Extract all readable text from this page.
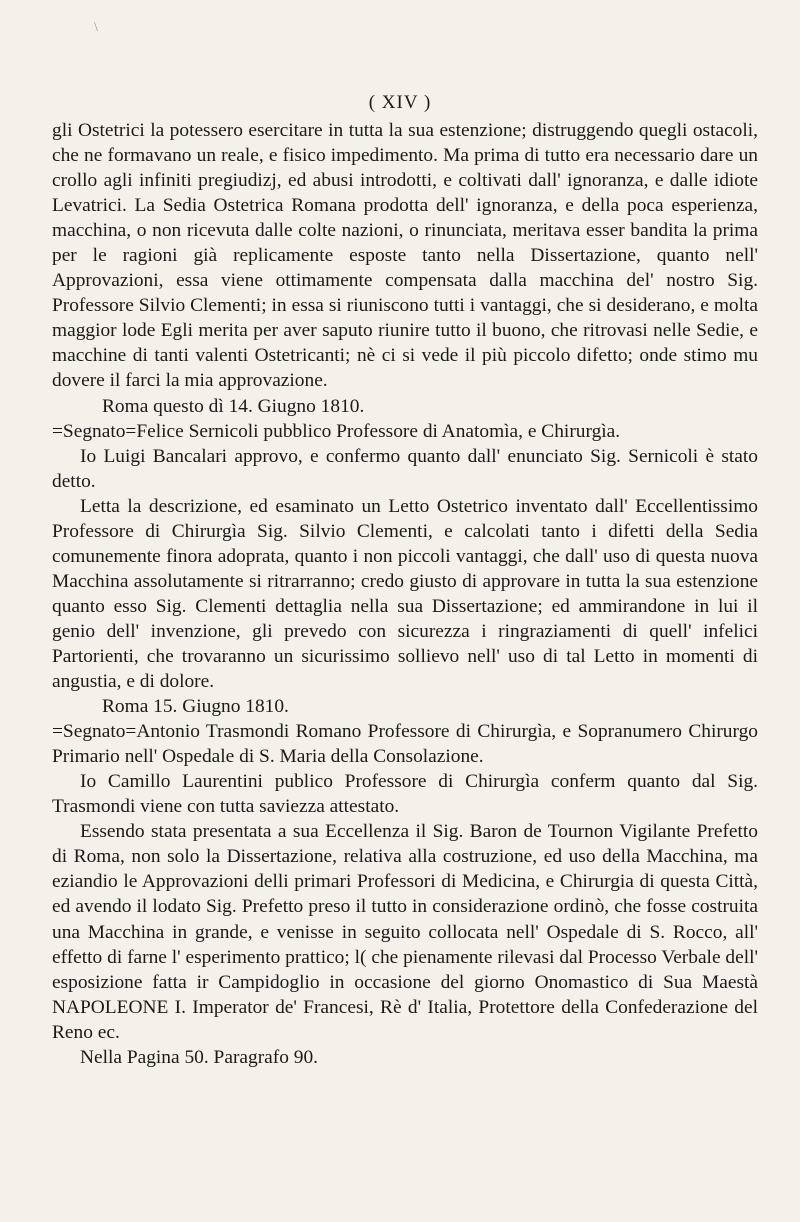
\
( XIV )

gli Ostetrici la potessero esercitare in tutta la sua estenzione; distruggendo quegli ostacoli, che ne formavano un reale, e fisico impedimento. Ma prima di tutto era necessario dare un crollo agli infiniti pregiudizj, ed abusi introdotti, e coltivati dall' ignoranza, e dalle idiote Levatrici. La Sedia Ostetrica Romana prodotta dell' ignoranza, e della poca esperienza, macchina, o non ricevuta dalle colte nazioni, o rinunciata, meritava esser bandita la prima per le ragioni già replicamente esposte tanto nella Dissertazione, quanto nell' Approvazioni, essa viene ottimamente compensata dalla macchina del' nostro Sig. Professore Silvio Clementi; in essa si riuniscono tutti i vantaggi, che si desiderano, e molta maggior lode Egli merita per aver saputo riunire tutto il buono, che ritrovasi nelle Sedie, e macchine di tanti valenti Ostetricanti; nè ci si vede il più piccolo difetto; onde stimo mu dovere il farci la mia approvazione.

Roma questo dì 14. Giugno 1810.

=Segnato=Felice Sernicoli pubblico Professore di Anatomìa, e Chirurgìa.

Io Luigi Bancalari approvo, e confermo quanto dall' enunciato Sig. Sernicoli è stato detto.

Letta la descrizione, ed esaminato un Letto Ostetrico inventato dall' Eccellentissimo Professore di Chirurgìa Sig. Silvio Clementi, e calcolati tanto i difetti della Sedia comunemente finora adoprata, quanto i non piccoli vantaggi, che dall' uso di questa nuova Macchina assolutamente si ritrarranno; credo giusto di approvare in tutta la sua estenzione quanto esso Sig. Clementi dettaglia nella sua Dissertazione; ed ammirandone in lui il genio dell' invenzione, gli prevedo con sicurezza i ringraziamenti di quell' infelici Partorienti, che trovaranno un sicurissimo sollievo nell' uso di tal Letto in momenti di angustia, e di dolore.

Roma 15. Giugno 1810.

=Segnato=Antonio Trasmondi Romano Professore di Chirurgìa, e Sopranumero Chirurgo Primario nell' Ospedale di S. Maria della Consolazione.

Io Camillo Laurentini publico Professore di Chirurgìa conferm quanto dal Sig. Trasmondi viene con tutta saviezza attestato.

Essendo stata presentata a sua Eccellenza il Sig. Baron de Tournon Vigilante Prefetto di Roma, non solo la Dissertazione, relativa alla costruzione, ed uso della Macchina, ma eziandio le Approvazioni delli primari Professori di Medicina, e Chirurgia di questa Città, ed avendo il lodato Sig. Prefetto preso il tutto in considerazione ordinò, che fosse costruita una Macchina in grande, e venisse in seguito collocata nell' Ospedale di S. Rocco, all' effetto di farne l' esperimento prattico; l( che pienamente rilevasi dal Processo Verbale dell' esposizione fatta ir Campidoglio in occasione del giorno Onomastico di Sua Maestà NAPOLEONE I. Imperator de' Francesi, Rè d' Italia, Protettore della Confederazione del Reno ec.

Nella Pagina 50. Paragrafo 90.
